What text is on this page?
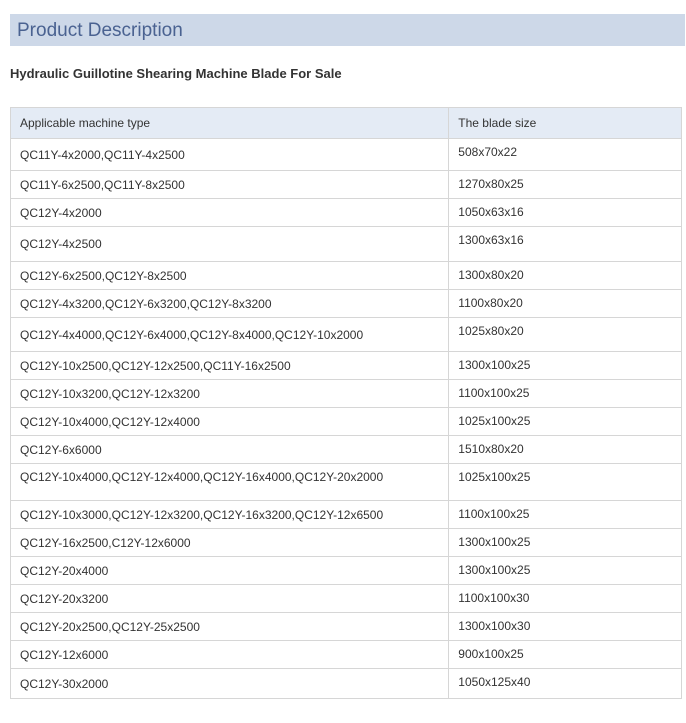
Product Description
Hydraulic Guillotine Shearing Machine Blade For Sale
Applicable machine type	The blade size
QC11Y-4x2000,QC11Y-4x2500	508x70x22
QC11Y-6x2500,QC11Y-8x2500	1270x80x25
QC12Y-4x2000	1050x63x16
QC12Y-4x2500	1300x63x16
QC12Y-6x2500,QC12Y-8x2500	1300x80x20
QC12Y-4x3200,QC12Y-6x3200,QC12Y-8x3200	1100x80x20
QC12Y-4x4000,QC12Y-6x4000,QC12Y-8x4000,QC12Y-10x2000	1025x80x20
QC12Y-10x2500,QC12Y-12x2500,QC11Y-16x2500	1300x100x25
QC12Y-10x3200,QC12Y-12x3200	1100x100x25
QC12Y-10x4000,QC12Y-12x4000	1025x100x25
QC12Y-6x6000	1510x80x20
QC12Y-10x4000,QC12Y-12x4000,QC12Y-16x4000,QC12Y-20x2000	1025x100x25
QC12Y-10x3000,QC12Y-12x3200,QC12Y-16x3200,QC12Y-12x6500	1100x100x25
QC12Y-16x2500,C12Y-12x6000	1300x100x25
QC12Y-20x4000	1300x100x25
QC12Y-20x3200	1100x100x30
QC12Y-20x2500,QC12Y-25x2500	1300x100x30
QC12Y-12x6000	900x100x25
QC12Y-30x2000	1050x125x40
